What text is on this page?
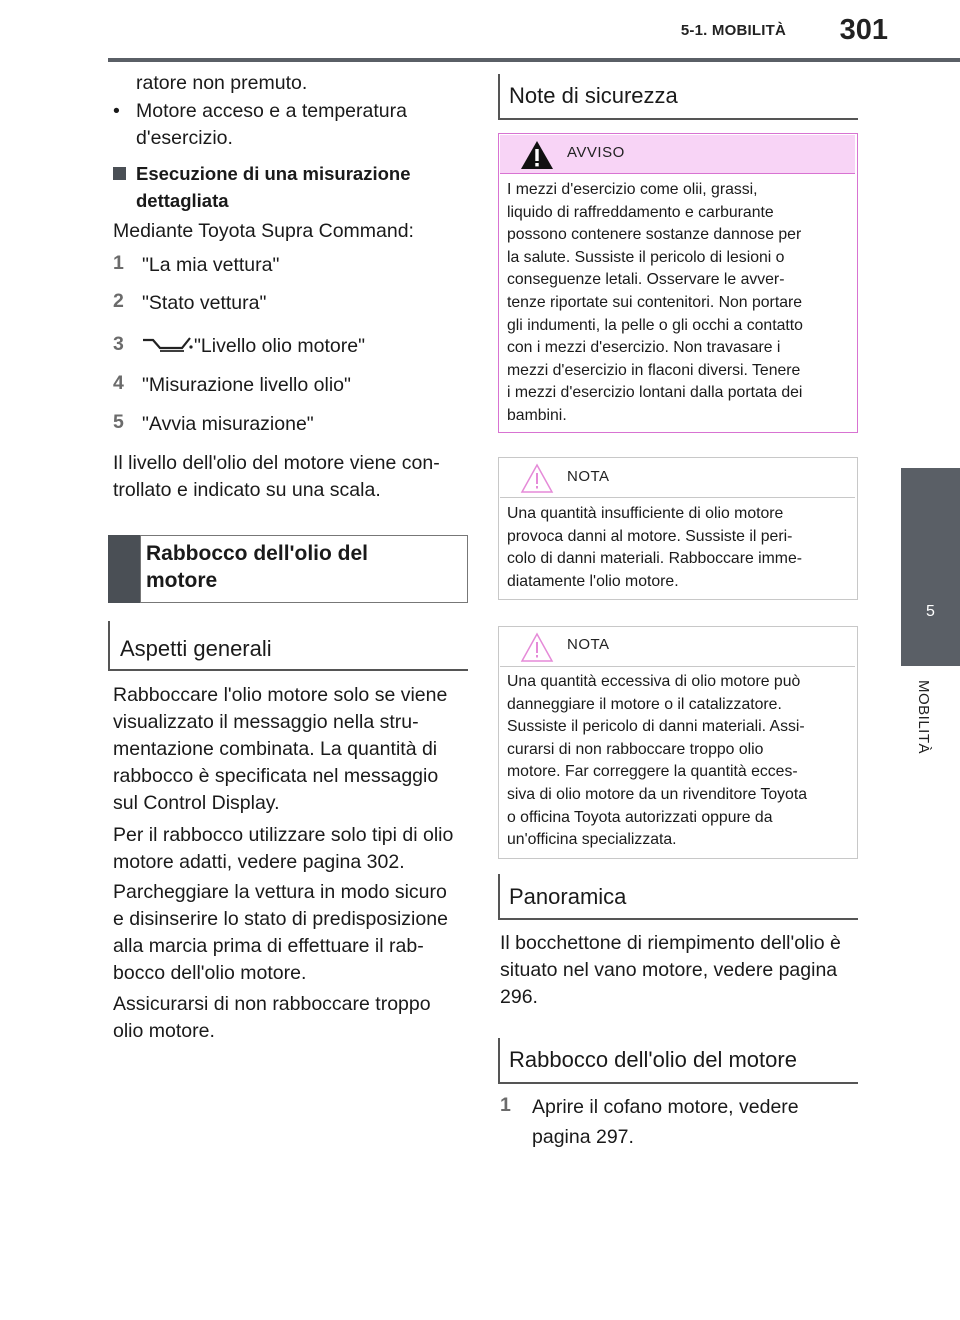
5-1. MOBILITÀ 301
5
MOBILITÀ
ratore non premuto.
• Motore acceso e a temperatura
d'esercizio.
Esecuzione di una misurazione
dettagliata
Mediante Toyota Supra Command:
1 "La mia vettura"
2 "Stato vettura"
3	"Livello olio motore"
4 "Misurazione livello olio"
5 "Avvia misurazione"
Il livello dell'olio del motore viene con-
trollato e indicato su una scala.
Rabbocco dell'olio del
motore
Aspetti generali
Rabboccare l'olio motore solo se viene
visualizzato il messaggio nella stru-
mentazione combinata. La quantità di
rabbocco è specificata nel messaggio
sul Control Display.
Per il rabbocco utilizzare solo tipi di olio
motore adatti, vedere pagina 302.
Parcheggiare la vettura in modo sicuro
e disinserire lo stato di predisposizione
alla marcia prima di effettuare il rab-
bocco dell'olio motore.
Assicurarsi di non rabboccare troppo
olio motore.
Note di sicurezza
AVVISO
I mezzi d'esercizio come olii, grassi,
liquido di raffreddamento e carburante
possono contenere sostanze dannose per
la salute. Sussiste il pericolo di lesioni o
conseguenze letali. Osservare le avver-
tenze riportate sui contenitori. Non portare
gli indumenti, la pelle o gli occhi a contatto
con i mezzi d'esercizio. Non travasare i
mezzi d'esercizio in flaconi diversi. Tenere
i mezzi d'esercizio lontani dalla portata dei
bambini.
NOTA
Una quantità insufficiente di olio motore
provoca danni al motore. Sussiste il peri-
colo di danni materiali. Rabboccare imme-
diatamente l'olio motore.
NOTA
Una quantità eccessiva di olio motore può
danneggiare il motore o il catalizzatore.
Sussiste il pericolo di danni materiali. Assi-
curarsi di non rabboccare troppo olio
motore. Far correggere la quantità ecces-
siva di olio motore da un rivenditore Toyota
o officina Toyota autorizzati oppure da
un'officina specializzata.
Panoramica
Il bocchettone di riempimento dell'olio è
situato nel vano motore, vedere pagina
296.
Rabbocco dell'olio del motore
1 Aprire il cofano motore, vedere
pagina 297.
